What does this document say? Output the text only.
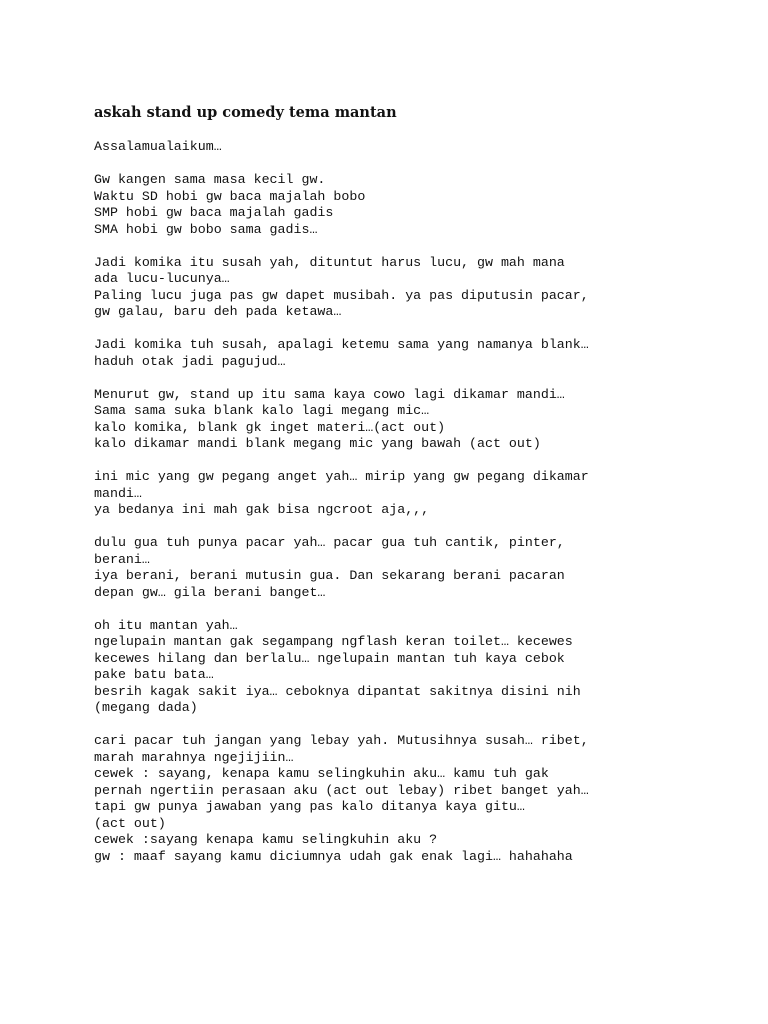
askah stand up comedy tema mantan
Assalamualaikum…
Gw kangen sama masa kecil gw.
Waktu SD hobi gw baca majalah bobo
SMP hobi gw baca majalah gadis
SMA hobi gw bobo sama gadis…
Jadi komika itu susah yah, dituntut harus lucu, gw mah mana
ada lucu-lucunya…
Paling lucu juga pas gw dapet musibah. ya pas diputusin pacar,
gw galau, baru deh pada ketawa…
Jadi komika tuh susah, apalagi ketemu sama yang namanya blank…
haduh otak jadi pagujud…
Menurut gw, stand up itu sama kaya cowo lagi dikamar mandi…
Sama sama suka blank kalo lagi megang mic…
kalo komika, blank gk inget materi…(act out)
kalo dikamar mandi blank megang mic yang bawah (act out)
ini mic yang gw pegang anget yah… mirip yang gw pegang dikamar
mandi…
ya bedanya ini mah gak bisa ngcroot aja,,,
dulu gua tuh punya pacar yah… pacar gua tuh cantik, pinter,
berani…
iya berani, berani mutusin gua. Dan sekarang berani pacaran
depan gw… gila berani banget…
oh itu mantan yah…
ngelupain mantan gak segampang ngflash keran toilet… kecewes
kecewes hilang dan berlalu… ngelupain mantan tuh kaya cebok
pake batu bata…
besrih kagak sakit iya… ceboknya dipantat sakitnya disini nih
(megang dada)
cari pacar tuh jangan yang lebay yah. Mutusihnya susah… ribet,
marah marahnya ngejijiin…
cewek : sayang, kenapa kamu selingkuhin aku… kamu tuh gak
pernah ngertiin perasaan aku (act out lebay) ribet banget yah…
tapi gw punya jawaban yang pas kalo ditanya kaya gitu…
(act out)
cewek :sayang kenapa kamu selingkuhin aku ?
gw : maaf sayang kamu diciumnya udah gak enak lagi… hahahaha
